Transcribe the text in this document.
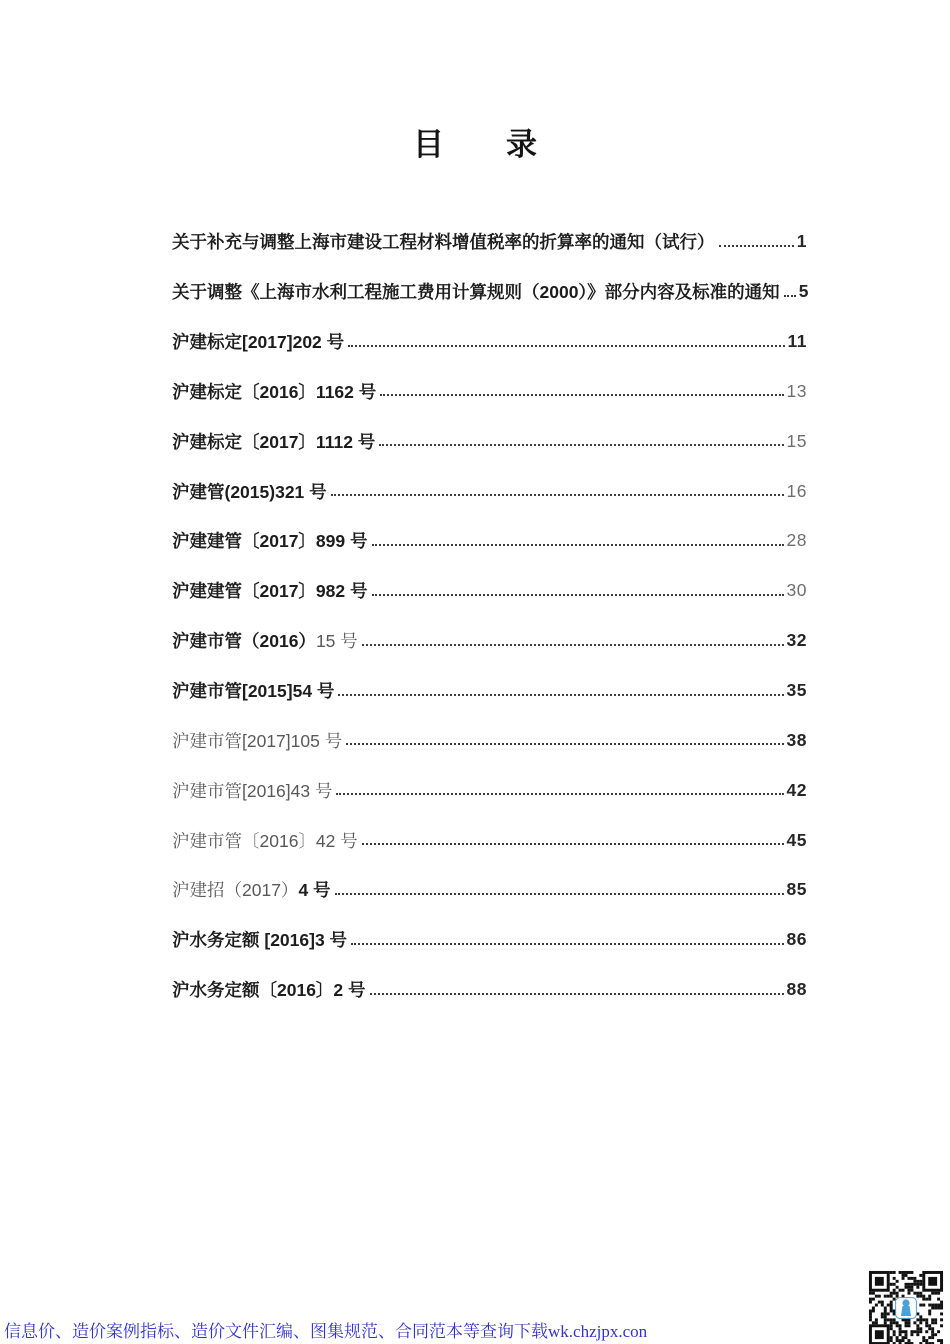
目　　录
关于补充与调整上海市建设工程材料增值税率的折算率的通知（试行）	1
关于调整《上海市水利工程施工费用计算规则（2000）》部分内容及标准的通知 5
沪建标定[2017]202 号	11
沪建标定〔2016〕1162 号	13
沪建标定〔2017〕1112 号	15
沪建管(2015)321 号	16
沪建建管〔2017〕899 号	28
沪建建管〔2017〕982 号	30
沪建市管（2016）15 号	32
沪建市管[2015]54 号	35
沪建市管[2017]105 号	38
沪建市管[2016]43 号	42
沪建市管〔2016〕42 号	45
沪建招（2017）4 号	85
沪水务定额 [2016]3 号	86
沪水务定额〔2016〕2 号	88
信息价、造价案例指标、造价文件汇编、图集规范、合同范本等查询下载wk.chzjpx.con
